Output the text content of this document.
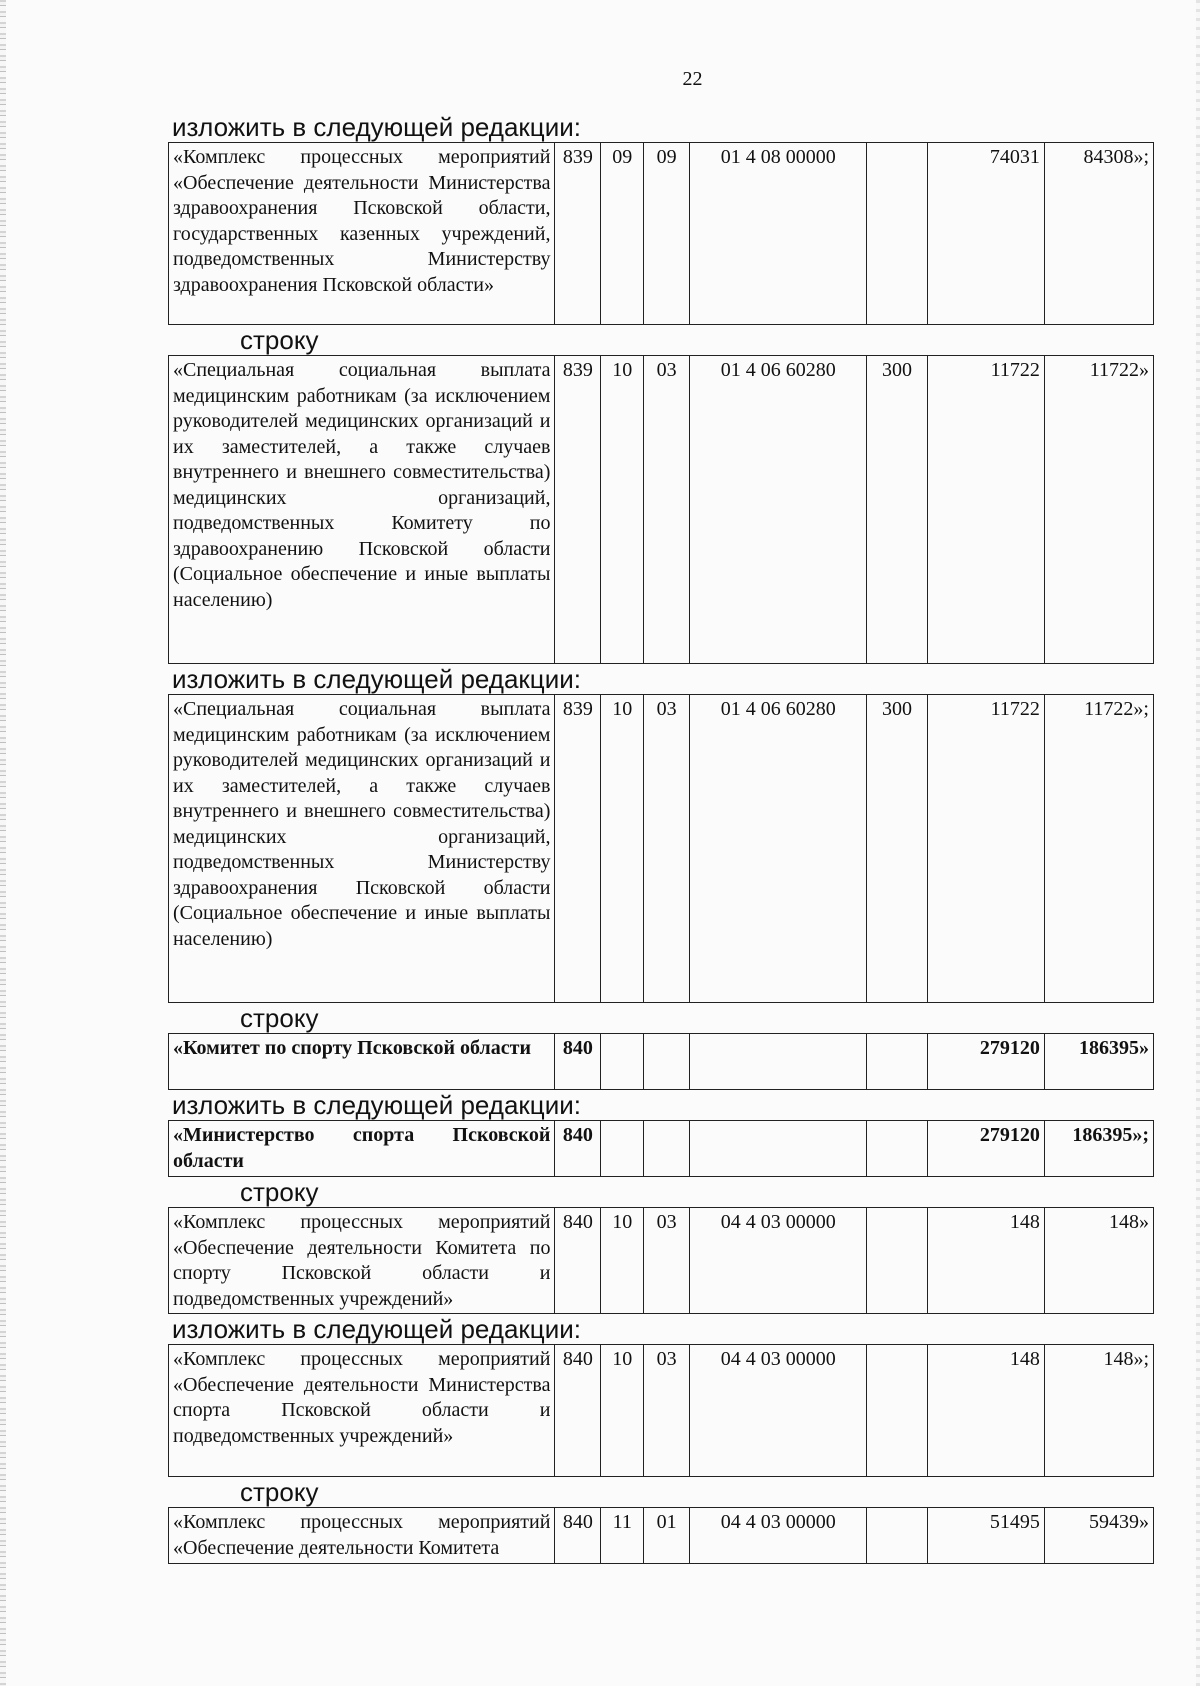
22

изложить в следующей редакции:

«Комплекс процессных мероприятий «Обеспечение деятельности Министерства здравоохранения Псковской области, государственных казенных учреждений, подведомственных Министерству здравоохранения Псковской области»	839	09	09	01 4 08 00000		74031	84308»;

строку

«Специальная социальная выплата медицинским работникам (за исключением руководителей медицинских организаций и их заместителей, а также случаев внутреннего и внешнего совместительства) медицинских организаций, подведомственных Комитету по здравоохранению Псковской области (Социальное обеспечение и иные выплаты населению)	839	10	03	01 4 06 60280	300	11722	11722»

изложить в следующей редакции:

«Специальная социальная выплата медицинским работникам (за исключением руководителей медицинских организаций и их заместителей, а также случаев внутреннего и внешнего совместительства) медицинских организаций, подведомственных Министерству здравоохранения Псковской области (Социальное обеспечение и иные выплаты населению)	839	10	03	01 4 06 60280	300	11722	11722»;

строку

«Комитет по спорту Псковской области	840					279120	186395»

изложить в следующей редакции:

«Министерство спорта Псковской области	840					279120	186395»;

строку

«Комплекс процессных мероприятий «Обеспечение деятельности Комитета по спорту Псковской области и подведомственных учреждений»	840	10	03	04 4 03 00000		148	148»

изложить в следующей редакции:

«Комплекс процессных мероприятий «Обеспечение деятельности Министерства спорта Псковской области и подведомственных учреждений»	840	10	03	04 4 03 00000		148	148»;

строку

«Комплекс процессных мероприятий «Обеспечение деятельности Комитета	840	11	01	04 4 03 00000		51495	59439»
